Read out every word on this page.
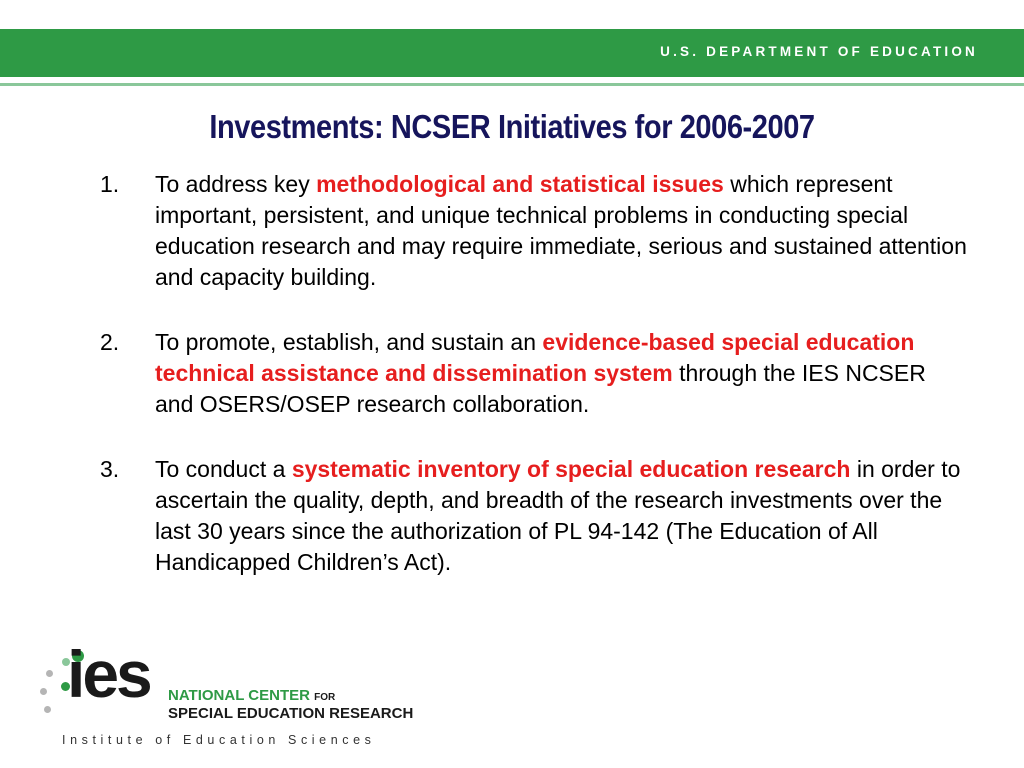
U.S. DEPARTMENT OF EDUCATION
Investments: NCSER Initiatives for 2006-2007
1. To address key methodological and statistical issues which represent important, persistent, and unique technical problems in conducting special education research and may require immediate, serious and sustained attention and capacity building.
2. To promote, establish, and sustain an evidence-based special education technical assistance and dissemination system through the IES NCSER and OSERS/OSEP research collaboration.
3. To conduct a systematic inventory of special education research in order to ascertain the quality, depth, and breadth of the research investments over the last 30 years since the authorization of PL 94-142 (The Education of All Handicapped Children’s Act).
ies NATIONAL CENTER FOR
SPECIAL EDUCATION RESEARCH
Institute of Education Sciences
